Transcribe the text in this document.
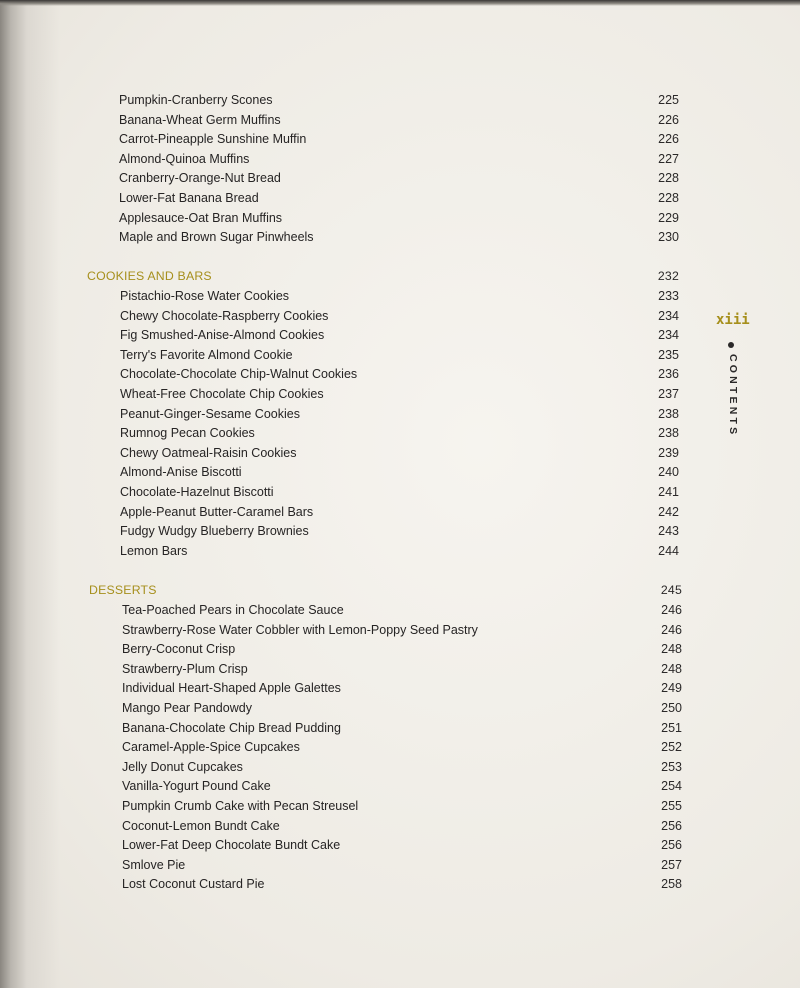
Pumpkin-Cranberry Scones	225
Banana-Wheat Germ Muffins	226
Carrot-Pineapple Sunshine Muffin	226
Almond-Quinoa Muffins	227
Cranberry-Orange-Nut Bread	228
Lower-Fat Banana Bread	228
Applesauce-Oat Bran Muffins	229
Maple and Brown Sugar Pinwheels	230
COOKIES AND BARS	232
Pistachio-Rose Water Cookies	233
Chewy Chocolate-Raspberry Cookies	234
Fig Smushed-Anise-Almond Cookies	234
Terry's Favorite Almond Cookie	235
Chocolate-Chocolate Chip-Walnut Cookies	236
Wheat-Free Chocolate Chip Cookies	237
Peanut-Ginger-Sesame Cookies	238
Rumnog Pecan Cookies	238
Chewy Oatmeal-Raisin Cookies	239
Almond-Anise Biscotti	240
Chocolate-Hazelnut Biscotti	241
Apple-Peanut Butter-Caramel Bars	242
Fudgy Wudgy Blueberry Brownies	243
Lemon Bars	244
DESSERTS	245
Tea-Poached Pears in Chocolate Sauce	246
Strawberry-Rose Water Cobbler with Lemon-Poppy Seed Pastry	246
Berry-Coconut Crisp	248
Strawberry-Plum Crisp	248
Individual Heart-Shaped Apple Galettes	249
Mango Pear Pandowdy	250
Banana-Chocolate Chip Bread Pudding	251
Caramel-Apple-Spice Cupcakes	252
Jelly Donut Cupcakes	253
Vanilla-Yogurt Pound Cake	254
Pumpkin Crumb Cake with Pecan Streusel	255
Coconut-Lemon Bundt Cake	256
Lower-Fat Deep Chocolate Bundt Cake	256
Smlove Pie	257
Lost Coconut Custard Pie	258
xiii
CONTENTS
